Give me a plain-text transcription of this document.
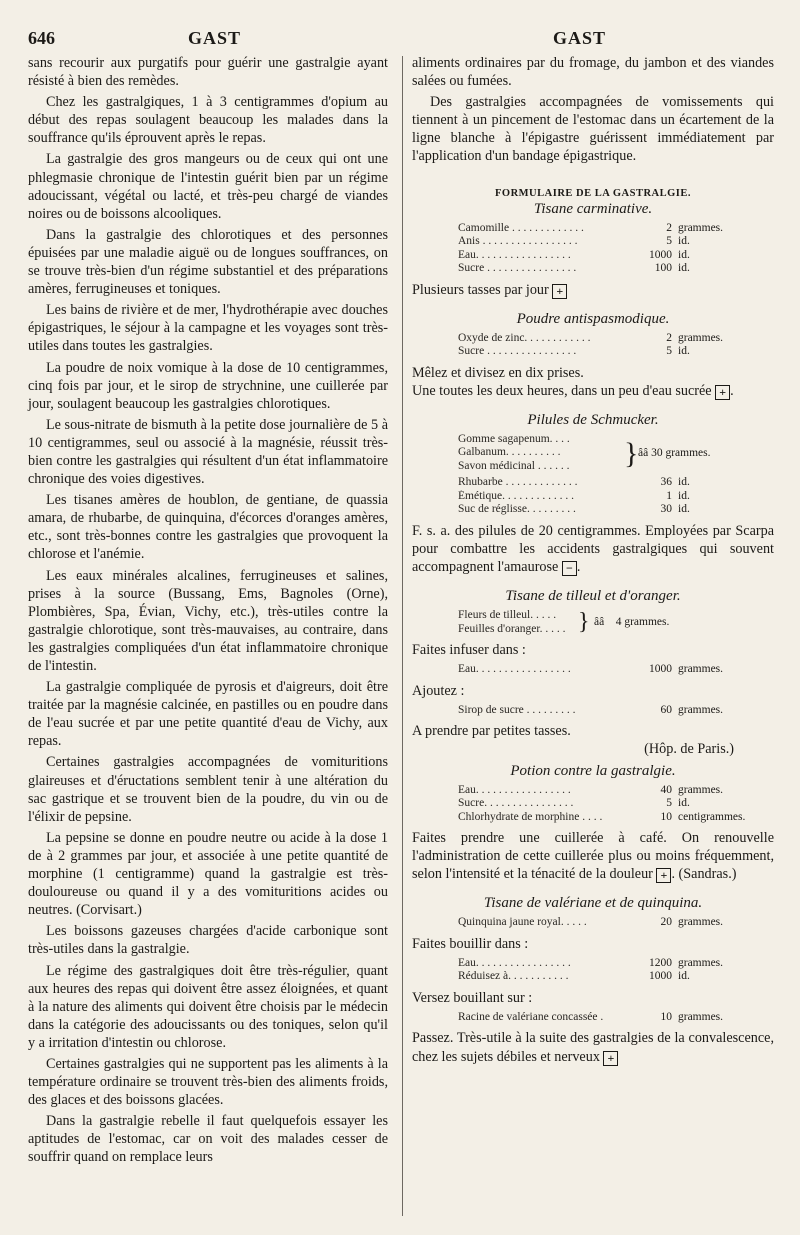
646	GAST	GAST

sans recourir aux purgatifs pour guérir une gastralgie ayant résisté à bien des remèdes.

Chez les gastralgiques, 1 à 3 centigrammes d'opium au début des repas soulagent beaucoup les malades dans la souffrance qu'ils éprouvent après le repas.

La gastralgie des gros mangeurs ou de ceux qui ont une phlegmasie chronique de l'intestin guérit bien par un régime adoucissant, végétal ou lacté, et très-peu chargé de viandes noires ou de boissons alcooliques.

Dans la gastralgie des chlorotiques et des personnes épuisées par une maladie aiguë ou de longues souffrances, on se trouve très-bien d'un régime substantiel et des préparations amères, ferrugineuses et toniques.

Les bains de rivière et de mer, l'hydrothérapie avec douches épigastriques, le séjour à la campagne et les voyages sont très-utiles dans toutes les gastralgies.

La poudre de noix vomique à la dose de 10 centigrammes, cinq fois par jour, et le sirop de strychnine, une cuillerée par jour, soulagent beaucoup les gastralgies chlorotiques.

Le sous-nitrate de bismuth à la petite dose journalière de 5 à 10 centigrammes, seul ou associé à la magnésie, réussit très-bien contre les gastralgies qui résultent d'un état inflammatoire chronique des voies digestives.

Les tisanes amères de houblon, de gentiane, de quassia amara, de rhubarbe, de quinquina, d'écorces d'oranges amères, etc., sont très-bonnes contre les gastralgies que provoquent la chlorose et l'anémie.

Les eaux minérales alcalines, ferrugineuses et salines, prises à la source (Bussang, Ems, Bagnoles (Orne), Plombières, Spa, Évian, Vichy, etc.), très-utiles contre la gastralgie chlorotique, sont très-mauvaises, au contraire, dans les gastralgies compliquées d'un état inflammatoire chronique de l'intestin.

La gastralgie compliquée de pyrosis et d'aigreurs, doit être traitée par la magnésie calcinée, en pastilles ou en poudre dans de l'eau sucrée et par une petite quantité d'eau de Vichy, aux repas.

Certaines gastralgies accompagnées de vomituritions glaireuses et d'éructations semblent tenir à une altération du sac gastrique et se trouvent bien de la poudre, du vin ou de l'élixir de pepsine.

La pepsine se donne en poudre neutre ou acide à la dose 1 de à 2 grammes par jour, et associée à une petite quantité de morphine (1 centigramme) quand la gastralgie est très-douloureuse ou quand il y a des vomituritions acides ou neutres. (Corvisart.)

Les boissons gazeuses chargées d'acide carbonique sont très-utiles dans la gastralgie.

Le régime des gastralgiques doit être très-régulier, quant aux heures des repas qui doivent être assez éloignées, et quant à la nature des aliments qui doivent être choisis par le médecin dans la catégorie des adoucissants ou des toniques, selon qu'il y a irritation d'intestin ou chlorose.

Certaines gastralgies qui ne supportent pas les aliments à la température ordinaire se trouvent très-bien des aliments froids, des glaces et des boissons glacées.

Dans la gastralgie rebelle il faut quelquefois essayer les aptitudes de l'estomac, car on voit des malades cesser de souffrir quand on remplace leurs

aliments ordinaires par du fromage, du jambon et des viandes salées ou fumées.

Des gastralgies accompagnées de vomissements qui tiennent à un pincement de l'estomac dans un écartement de la ligne blanche à l'épigastre guérissent immédiatement par l'application d'un bandage épigastrique.

FORMULAIRE DE LA GASTRALGIE.
Tisane carminative.
Camomille . . . . . . . . . . . . .	2 grammes.
Anis . . . . . . . . . . . . . . . . .	5 id.
Eau. . . . . . . . . . . . . . . . .	1000 id.
Sucre . . . . . . . . . . . . . . . .	100 id.
Plusieurs tasses par jour +
Poudre antispasmodique.
Oxyde de zinc. . . . . . . . . . . .	2 grammes.
Sucre . . . . . . . . . . . . . . . .	5 id.
Mêlez et divisez en dix prises.
Une toutes les deux heures, dans un peu d'eau sucrée + .
Pilules de Schmucker.
Gomme sagapenum. . . .
Galbanum. . . . . . . . . .
Savon médicinal . . . . . .	} ââ 30 grammes.
Rhubarbe . . . . . . . . . . . . .	36 id.
Émétique. . . . . . . . . . . . .	1 id.
Suc de réglisse. . . . . . . . .	30 id.
F. s. a. des pilules de 20 centigrammes. Employées par Scarpa pour combattre les accidents gastralgiques qui souvent accompagnent l'amaurose − .
Tisane de tilleul et d'oranger.
Fleurs de tilleul. . . . .
Feuilles d'oranger. . . . . } ââ    4 grammes.
Faites infuser dans :
Eau. . . . . . . . . . . . . . . . .	1000 grammes.
Ajoutez :
Sirop de sucre . . . . . . . . .	60 grammes.
A prendre par petites tasses.
(Hôp. de Paris.)
Potion contre la gastralgie.
Eau. . . . . . . . . . . . . . . . .	40 grammes.
Sucre. . . . . . . . . . . . . . . .	5 id.
Chlorhydrate de morphine . . . .	10 centigrammes.
Faites prendre une cuillerée à café. On renouvelle l'administration de cette cuillerée plus ou moins fréquemment, selon l'intensité et la ténacité de la douleur + . (Sandras.)
Tisane de valériane et de quinquina.
Quinquina jaune royal. . . . .	20 grammes.
Faites bouillir dans :
Eau. . . . . . . . . . . . . . . . .	1200 grammes.
Réduisez à. . . . . . . . . . .	1000 id.
Versez bouillant sur :
Racine de valériane concassée .	10 grammes.
Passez. Très-utile à la suite des gastralgies de la convalescence, chez les sujets débiles et nerveux +
